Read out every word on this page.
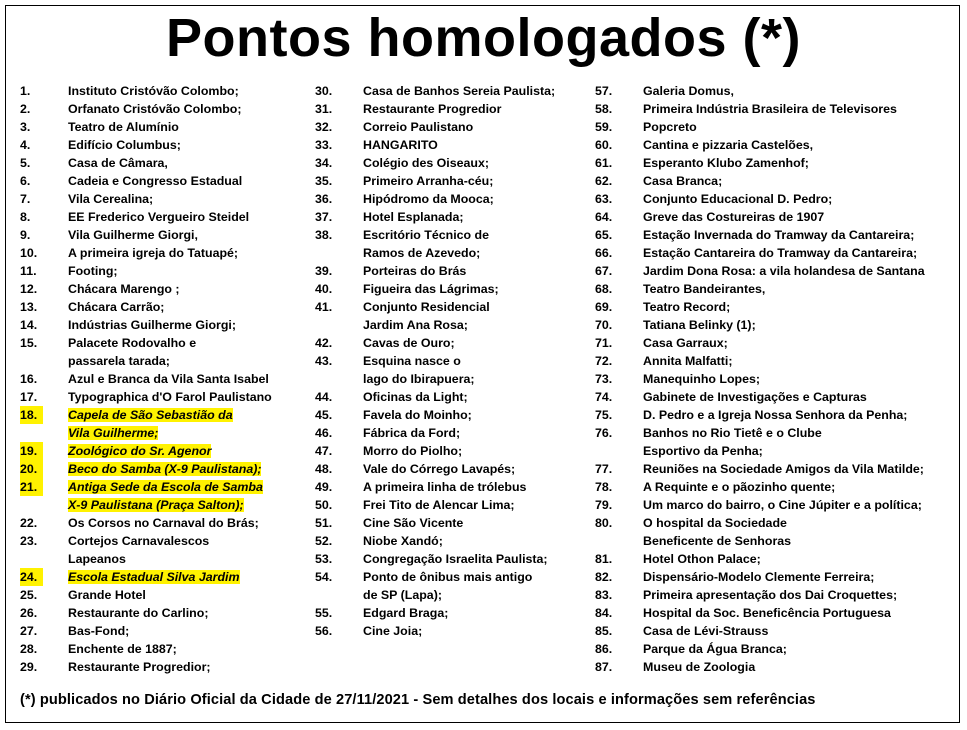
Pontos homologados (*)
1.	Instituto Cristóvão Colombo;
2.	Orfanato Cristóvão Colombo;
3.	Teatro de Alumínio
4.	Edifício Columbus;
5.	Casa de Câmara,
6.	Cadeia e Congresso Estadual
7.	Vila Cerealina;
8.	EE Frederico Vergueiro Steidel
9.	Vila Guilherme Giorgi,
10.	A primeira igreja do Tatuapé;
11.	Footing;
12.	Chácara Marengo ;
13.	Chácara Carrão;
14.	Indústrias Guilherme Giorgi;
15.	Palacete Rodovalho e
passarela tarada;
16.	Azul e Branca da Vila Santa Isabel
17.	Typographica d'O Farol Paulistano
18.	Capela de São Sebastião da
Vila Guilherme;
19.	Zoológico do Sr. Agenor
20.	Beco do Samba (X-9 Paulistana);
21.	Antiga Sede da Escola de Samba
X-9 Paulistana (Praça Salton);
22.	Os Corsos no Carnaval do Brás;
23.	Cortejos Carnavalescos
Lapeanos
24.	Escola Estadual Silva Jardim
25.	Grande Hotel
26.	Restaurante do Carlino;
27.	Bas-Fond;
28.	Enchente de 1887;
29.	Restaurante Progredior;
30.	Casa de Banhos Sereia Paulista;
31.	Restaurante Progredior
32.	Correio Paulistano
33.	HANGARITO
34.	Colégio des Oiseaux;
35.	Primeiro Arranha-céu;
36.	Hipódromo da Mooca;
37.	Hotel Esplanada;
38.	Escritório Técnico de
Ramos de Azevedo;
39.	Porteiras do Brás
40.	Figueira das Lágrimas;
41.	Conjunto Residencial
Jardim Ana Rosa;
42.	Cavas de Ouro;
43.	Esquina nasce o
lago do Ibirapuera;
44.	Oficinas da Light;
45.	Favela do Moinho;
46.	Fábrica da Ford;
47.	Morro do Piolho;
48.	Vale do Córrego Lavapés;
49.	A primeira linha de trólebus
50.	Frei Tito de Alencar Lima;
51.	Cine São Vicente
52.	Niobe Xandó;
53.	Congregação Israelita Paulista;
54.	Ponto de ônibus mais antigo
de SP (Lapa);
55.	Edgard Braga;
56.	Cine Joia;
57.	Galeria Domus,
58.	Primeira Indústria Brasileira de Televisores
59.	Popcreto
60.	Cantina e pizzaria Castelões,
61.	Esperanto Klubo Zamenhof;
62.	Casa Branca;
63.	Conjunto Educacional D. Pedro;
64.	Greve das Costureiras de 1907
65.	Estação Invernada do Tramway da Cantareira;
66.	Estação Cantareira do Tramway da Cantareira;
67.	Jardim Dona Rosa: a vila holandesa de Santana
68.	Teatro Bandeirantes,
69.	Teatro Record;
70.	Tatiana Belinky (1);
71.	Casa Garraux;
72.	Annita Malfatti;
73.	Manequinho Lopes;
74.	Gabinete de Investigações e Capturas
75.	D. Pedro e a Igreja Nossa Senhora da Penha;
76.	Banhos no Rio Tietê e o Clube
Esportivo da Penha;
77.	Reuniões na Sociedade Amigos da Vila Matilde;
78.	A Requinte e o pãozinho quente;
79.	Um marco do bairro, o Cine Júpiter e a política;
80.	O hospital da Sociedade
Beneficente de Senhoras
81.	Hotel Othon Palace;
82.	Dispensário-Modelo Clemente Ferreira;
83.	Primeira apresentação dos Dai Croquettes;
84.	Hospital da Soc. Beneficência Portuguesa
85.	Casa de Lévi-Strauss
86.	Parque da Água Branca;
87.	Museu de Zoologia
(*) publicados no Diário Oficial da Cidade de 27/11/2021 - Sem detalhes dos locais e informações sem referências
